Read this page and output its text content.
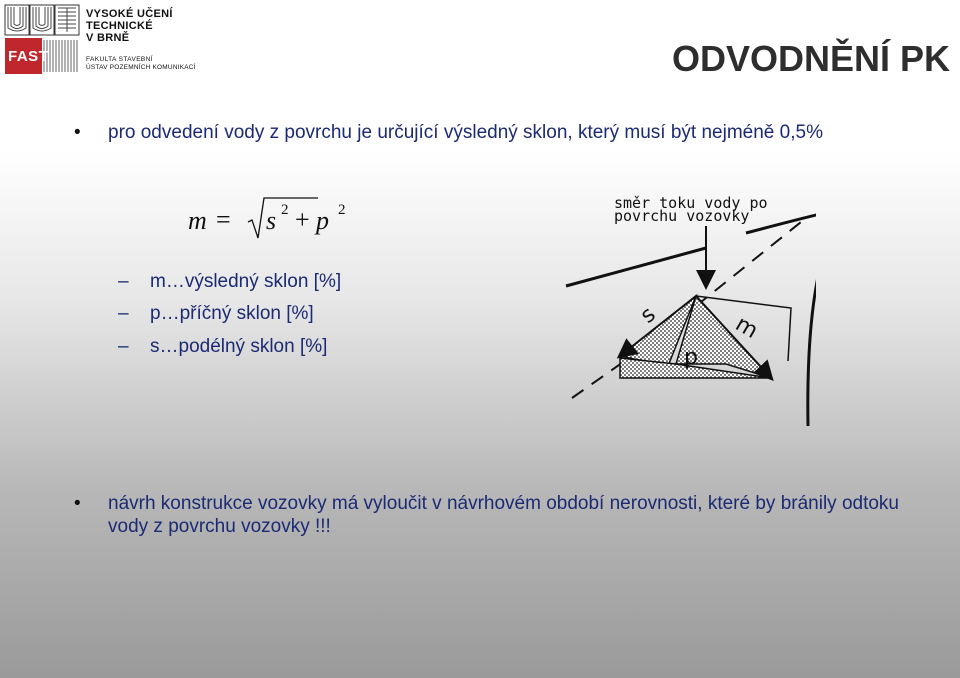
FAST
VYSOKÉ UČENÍ
TECHNICKÉ
V BRNĚ
FAKULTA STAVEBNÍ
ÚSTAV POZEMNÍCH KOMUNIKACÍ	ODVODNĚNÍ PK
• pro odvedení vody z povrchu je určující výsledný sklon, který musí být nejméně 0,5%
m = s 2 + p 2
– m…výsledný sklon [%]
– p…příčný sklon [%]
– s…podélný sklon [%]
směr toku vody po
povrchu vozovky
s
p
m
• návrh konstrukce vozovky má vyloučit v návrhovém období nerovnosti, které by bránily odtoku vody z povrchu vozovky !!!
